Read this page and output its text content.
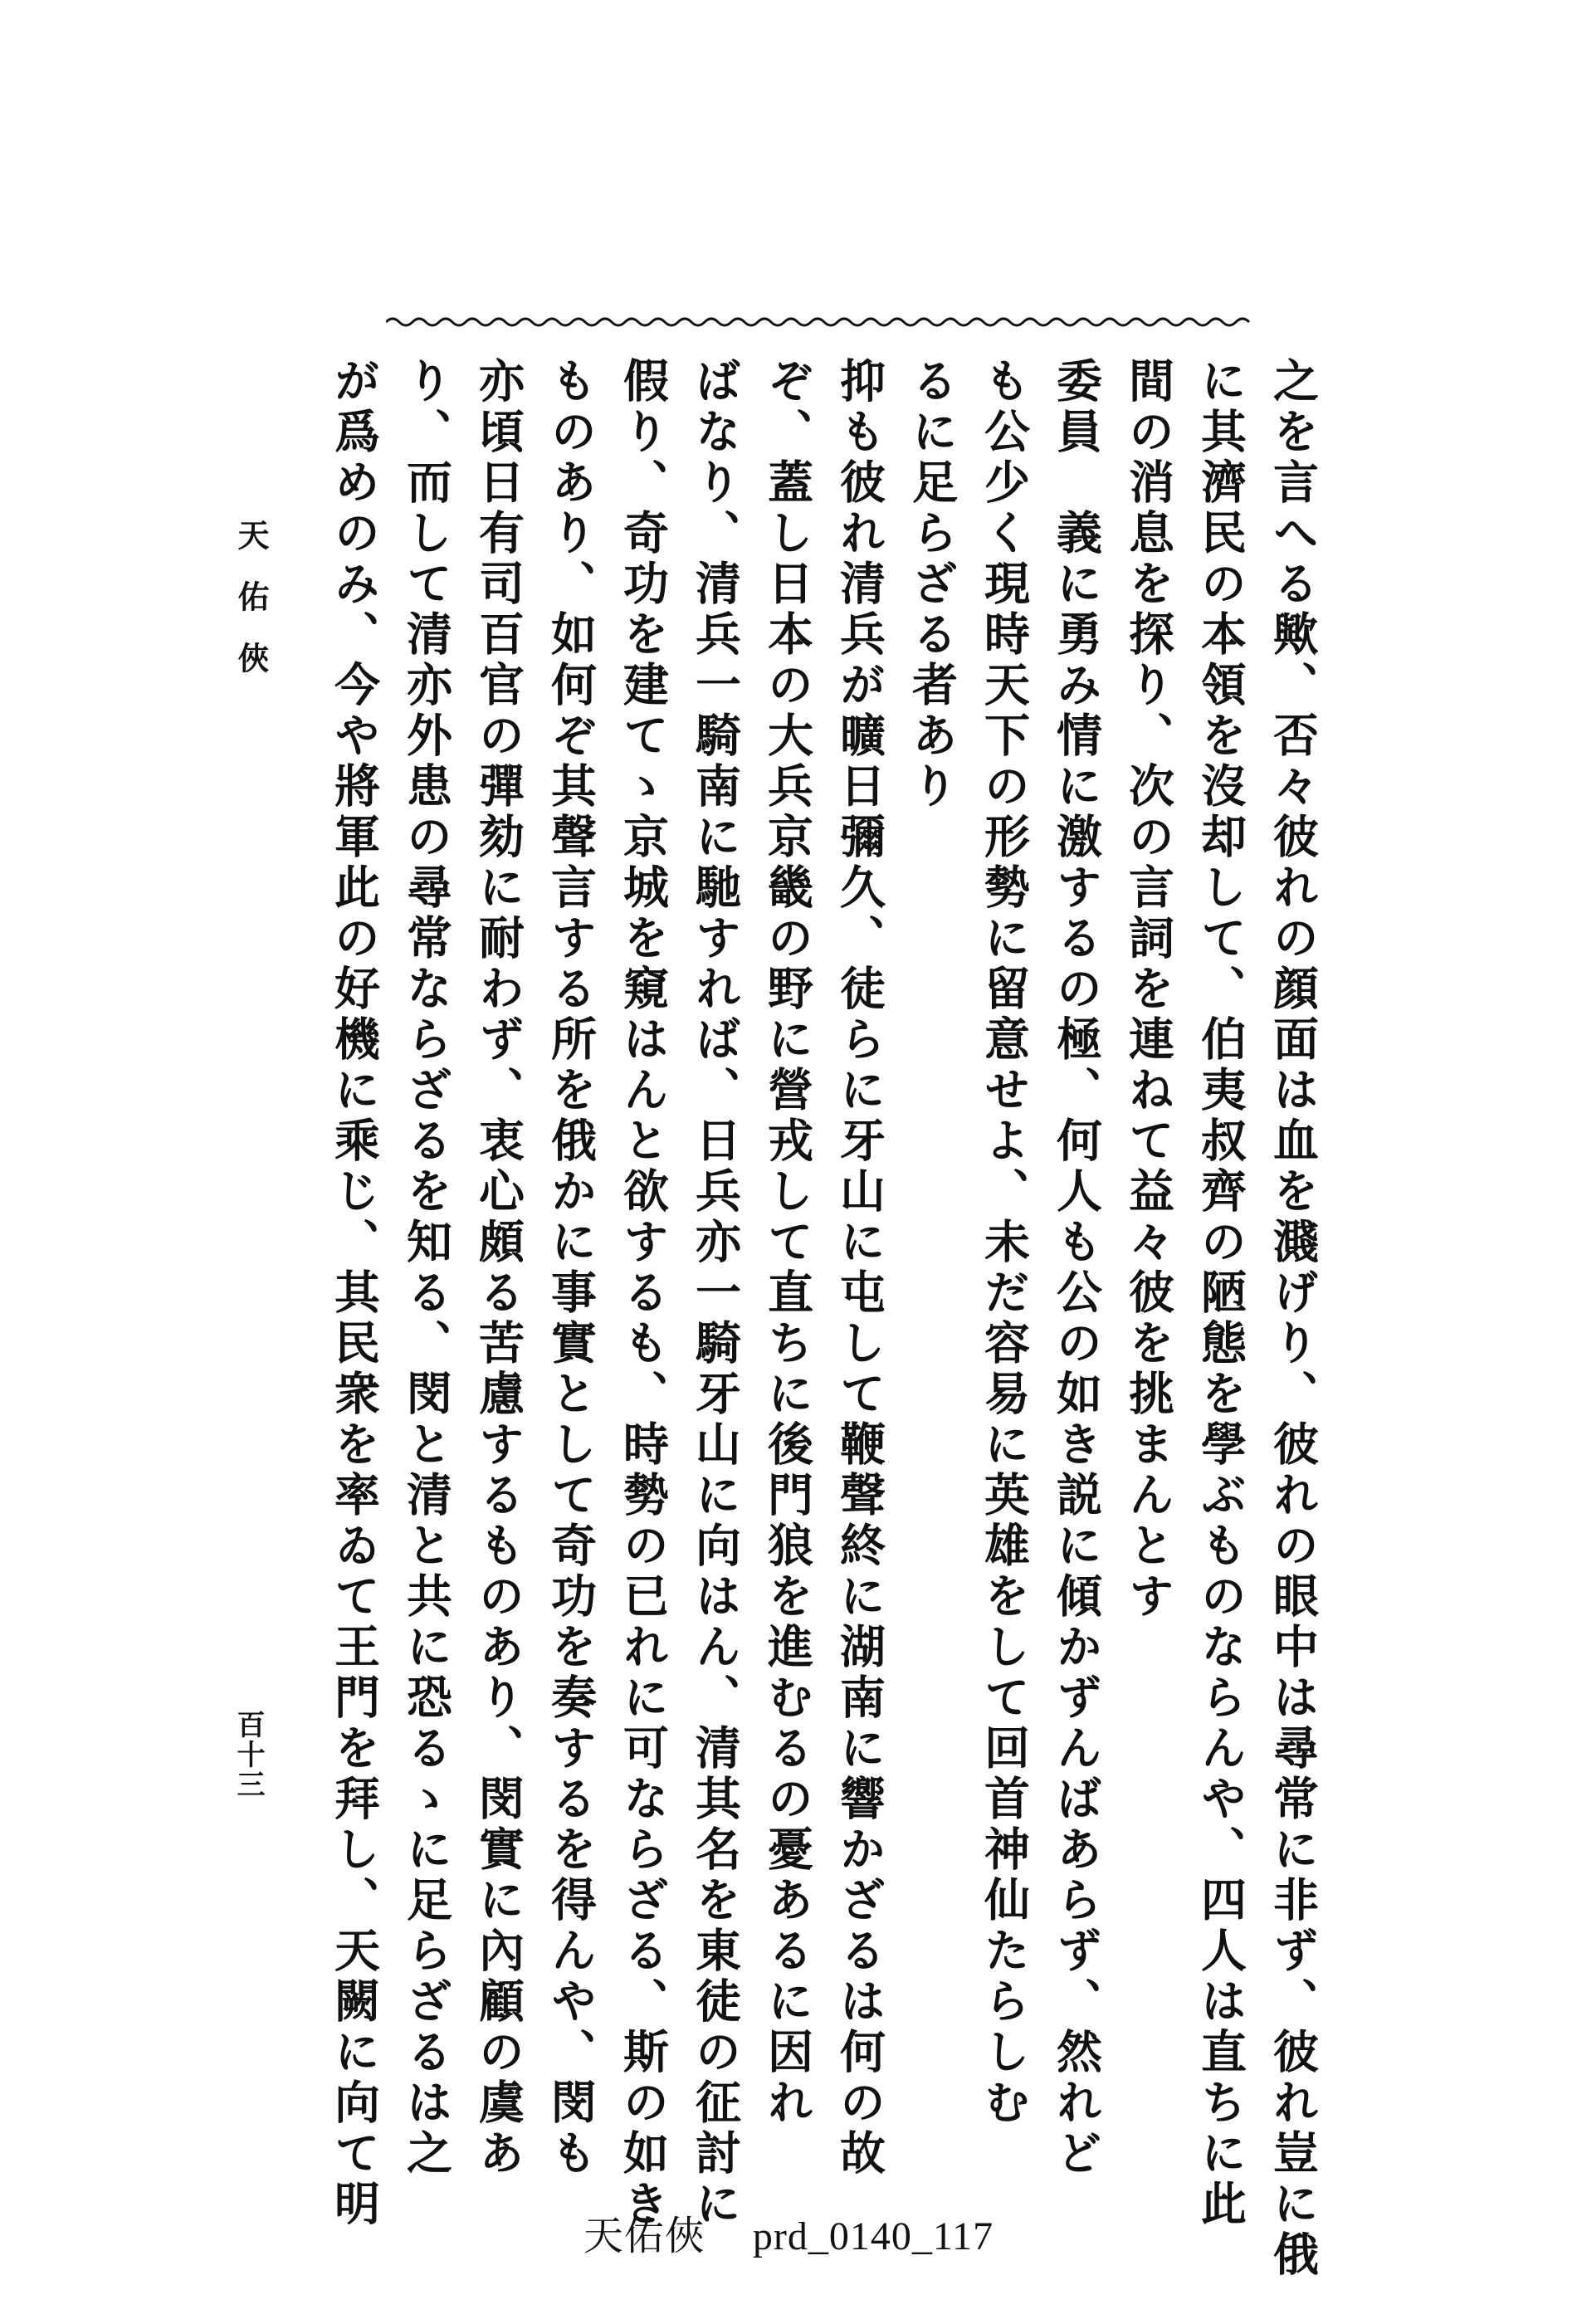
之を言へる歟、否々彼れの顔面は血を濺げり、彼れの眼中は尋常に非ず、彼れ豈に俄
に其濟民の本領を沒却して、伯夷叔齊の陋態を學ぶものならんや、四人は直ちに此
間の消息を探り、次の言詞を連ねて益々彼を挑まんとす
委員　義に勇み情に激するの極、何人も公の如き説に傾かずんばあらず、然れど
も公少く現時天下の形勢に留意せよ、未だ容易に英雄をして回首神仙たらしむ
るに足らざる者あり
抑も彼れ清兵が曠日彌久、徒らに牙山に屯して鞭聲終に湖南に響かざるは何の故
ぞ、蓋し日本の大兵京畿の野に營戎して直ちに後門狼を進むるの憂あるに因れ
ばなり、清兵一騎南に馳すれば、日兵亦一騎牙山に向はん、清其名を東徒の征討に
假り、奇功を建てゝ京城を窺はんと欲するも、時勢の已れに可ならざる、斯の如き
ものあり、如何ぞ其聲言する所を俄かに事實として奇功を奏するを得んや、閔も
亦頃日有司百官の彈劾に耐わず、衷心頗る苦慮するものあり、閔實に內顧の虞あ
り、而して清亦外患の尋常ならざるを知る、閔と清と共に恐るゝに足らざるは之
が爲めのみ、今や將軍此の好機に乘じ、其民衆を率ゐて王門を拜し、天闕に向て明
天佑俠
百十三
天佑俠 prd_0140_117
